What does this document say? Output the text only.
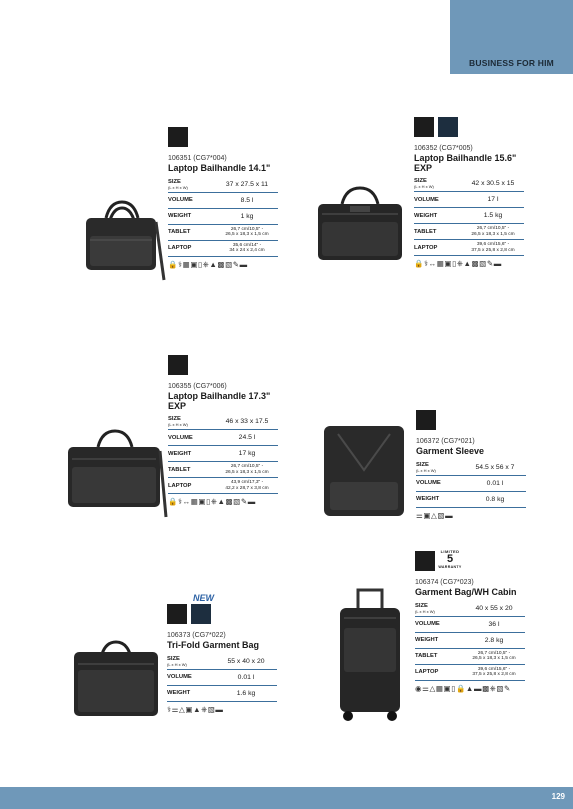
BUSINESS FOR HIM
106351 (CG7*004)
Laptop Bailhandle 14.1"
SIZE
(L x H x W)	37 x 27.5 x 11
VOLUME	8.5 l
WEIGHT	1 kg
TABLET	26,7 cm/10,5" -
26,5 x 18,3 x 1,5 cm

LAPTOP	35,6 cm/14" -
34 x 24 x 2,4 cm
🔒⚕▦▣▯⎈▲▩▧✎▬
106352 (CG7*005)
Laptop Bailhandle 15.6" EXP
SIZE
(L x H x W)	42 x 30.5 x 15
VOLUME	17 l
WEIGHT	1.5 kg
TABLET	26,7 cm/10,5" -
26,5 x 18,3 x 1,5 cm

LAPTOP	39,6 cm/15,6" -
37,5 x 25,8 x 2,8 cm
🔒⚕↔▦▣▯⎈▲▩▧✎▬
106355 (CG7*006)
Laptop Bailhandle 17.3" EXP
SIZE
(L x H x W)	46 x 33 x 17.5
VOLUME	24.5 l
WEIGHT	17 kg
TABLET	26,7 cm/10,5" -
26,5 x 18,3 x 1,5 cm

LAPTOP	43,9 cm/17,3" -
42,2 x 28,7 x 3,8 cm
🔒⚕↔▦▣▯⎈▲▩▧✎▬
106372 (CG7*021)
Garment Sleeve
SIZE
(L x H x W)	54.5 x 56 x 7
VOLUME	0.01 l
WEIGHT	0.8 kg
⚌▣△▧▬
NEW
106373 (CG7*022)
Tri-Fold Garment Bag
SIZE
(L x H x W)	55 x 40 x 20
VOLUME	0.01 l
WEIGHT	1.6 kg
⚕⚌△▣▲⎈▧▬
LIMITED
5
WARRANTY
106374 (CG7*023)
Garment Bag/WH Cabin
SIZE
(L x H x W)	40 x 55 x 20
VOLUME	36 l
WEIGHT	2.8 kg
TABLET	26,7 cm/10,5" -
26,5 x 18,3 x 1,5 cm

LAPTOP	39,6 cm/15,6" -
37,5 x 25,8 x 2,8 cm
◉⚌△▦▣▯🔒▲▬▩⎈▧✎
129
